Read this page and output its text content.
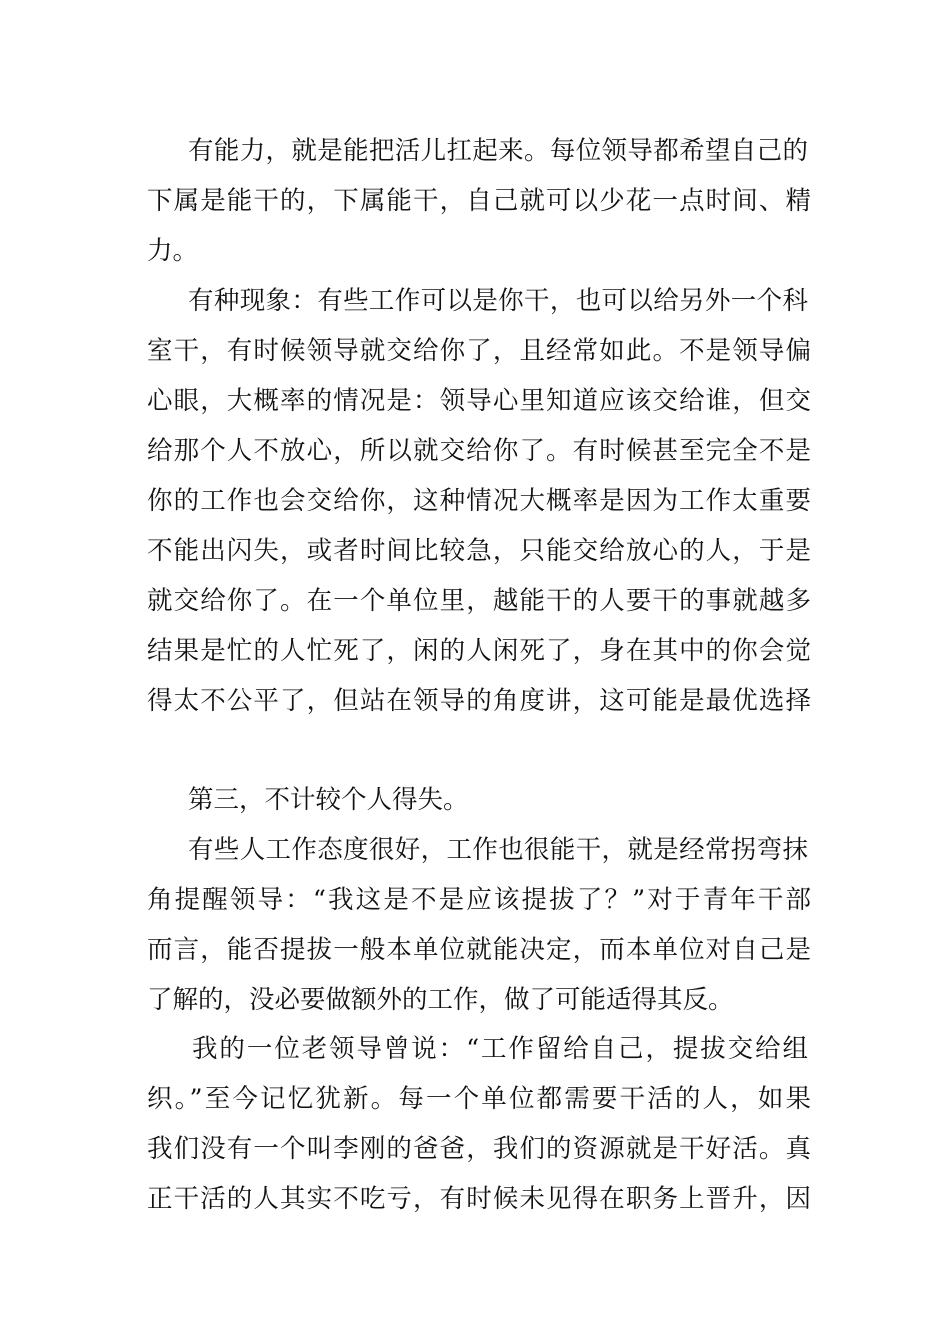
有能力，就是能把活儿扛起来。每位领导都希望自己的
下属是能干的，下属能干，自己就可以少花一点时间、精
力。
有种现象：有些工作可以是你干，也可以给另外一个科
室干，有时候领导就交给你了，且经常如此。不是领导偏
心眼，大概率的情况是：领导心里知道应该交给谁，但交
给那个人不放心，所以就交给你了。有时候甚至完全不是
你的工作也会交给你，这种情况大概率是因为工作太重要
不能出闪失，或者时间比较急，只能交给放心的人，于是
就交给你了。在一个单位里，越能干的人要干的事就越多
结果是忙的人忙死了，闲的人闲死了，身在其中的你会觉
得太不公平了，但站在领导的角度讲，这可能是最优选择
第三，不计较个人得失。
有些人工作态度很好，工作也很能干，就是经常拐弯抹
角提醒领导：“我这是不是应该提拔了？”对于青年干部
而言，能否提拔一般本单位就能决定，而本单位对自己是
了解的，没必要做额外的工作，做了可能适得其反。
我的一位老领导曾说：“工作留给自己，提拔交给组
织。”至今记忆犹新。每一个单位都需要干活的人，如果
我们没有一个叫李刚的爸爸，我们的资源就是干好活。真
正干活的人其实不吃亏，有时候未见得在职务上晋升，因
